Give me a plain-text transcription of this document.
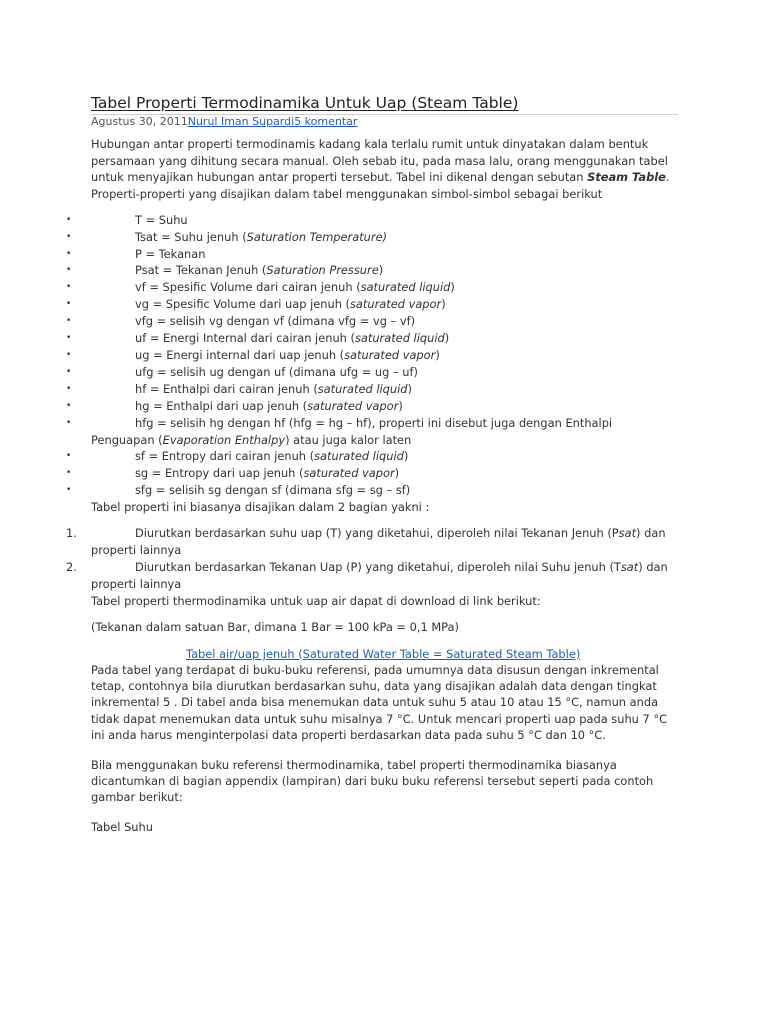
Tabel Properti Termodinamika Untuk Uap (Steam Table)
Agustus 30, 2011Nurul Iman Supardi5 komentar
Hubungan antar properti termodinamis kadang kala terlalu rumit untuk dinyatakan dalam bentuk persamaan yang dihitung secara manual. Oleh sebab itu, pada masa lalu, orang menggunakan tabel untuk menyajikan hubungan antar properti tersebut. Tabel ini dikenal dengan sebutan Steam Table. Properti-properti yang disajikan dalam tabel menggunakan simbol-simbol sebagai berikut
•	T = Suhu
•	Tsat = Suhu jenuh (Saturation Temperature)
•	P = Tekanan
•	Psat = Tekanan Jenuh (Saturation Pressure)
•	vf = Spesific Volume dari cairan jenuh (saturated liquid)
•	vg = Spesific Volume dari uap jenuh (saturated vapor)
•	vfg = selisih vg dengan vf (dimana vfg = vg – vf)
•	uf = Energi Internal dari cairan jenuh (saturated liquid)
•	ug = Energi internal dari uap jenuh (saturated vapor)
•	ufg = selisih ug dengan uf (dimana ufg = ug – uf)
•	hf = Enthalpi dari cairan jenuh (saturated liquid)
•	hg = Enthalpi dari uap jenuh (saturated vapor)
•	hfg = selisih hg dengan hf (hfg = hg – hf), properti ini disebut juga dengan Enthalpi
Penguapan (Evaporation Enthalpy) atau juga kalor laten
•	sf = Entropy dari cairan jenuh (saturated liquid)
•	sg = Entropy dari uap jenuh (saturated vapor)
•	sfg = selisih sg dengan sf (dimana sfg = sg – sf)
Tabel properti ini biasanya disajikan dalam 2 bagian yakni :
1.	Diurutkan berdasarkan suhu uap (T) yang diketahui, diperoleh nilai Tekanan Jenuh (Psat) dan
properti lainnya
2.	Diurutkan berdasarkan Tekanan Uap (P) yang diketahui, diperoleh nilai Suhu jenuh (Tsat) dan
properti lainnya
Tabel properti thermodinamika untuk uap air dapat di download di link berikut:
(Tekanan dalam satuan Bar, dimana 1 Bar = 100 kPa = 0,1 MPa)
Tabel air/uap jenuh (Saturated Water Table = Saturated Steam Table)
Pada tabel yang terdapat di buku-buku referensi, pada umumnya data disusun dengan inkremental tetap, contohnya bila diurutkan berdasarkan suhu, data yang disajikan adalah data dengan tingkat inkremental 5 . Di tabel anda bisa menemukan data untuk suhu 5 atau 10 atau 15 °C, namun anda tidak dapat menemukan data untuk suhu misalnya 7 °C. Untuk mencari properti uap pada suhu 7 °C ini anda harus menginterpolasi data properti berdasarkan data pada suhu 5 °C dan 10 °C.
Bila menggunakan buku referensi thermodinamika, tabel properti thermodinamika biasanya dicantumkan di bagian appendix (lampiran) dari buku buku referensi tersebut seperti pada contoh gambar berikut:
Tabel Suhu
